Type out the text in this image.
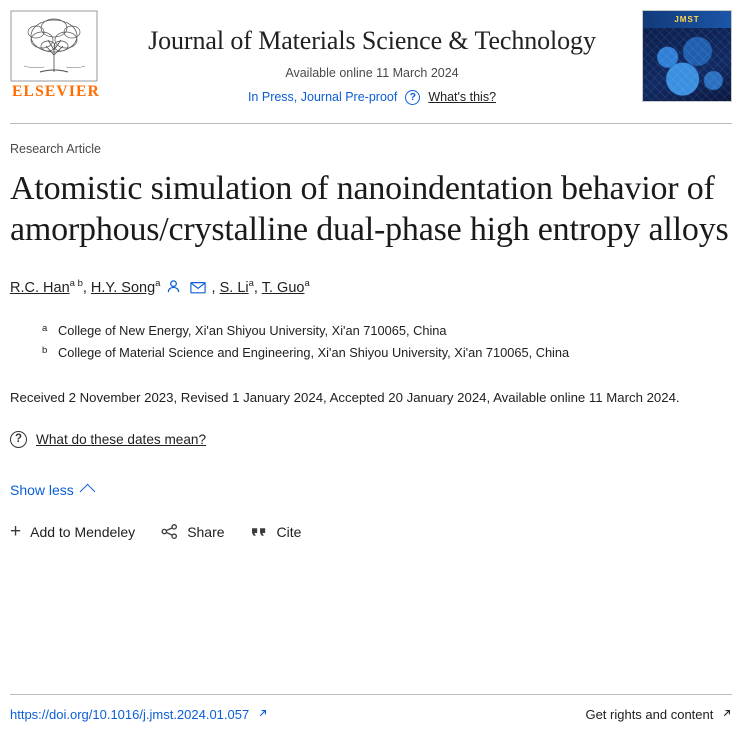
ELSEVIER
Journal of Materials Science & Technology
Available online 11 March 2024
In Press, Journal Pre-proof	? What's this?
JMST
Research Article
Atomistic simulation of nanoindentation behavior of amorphous/crystalline dual-phase high entropy alloys
R.C. Han$^{a b}$, H.Y. Song$^a$	, S. Li$^a$, T. Guo$^a$
a College of New Energy, Xi'an Shiyou University, Xi'an 710065, China
b College of Material Science and Engineering, Xi'an Shiyou University, Xi'an 710065, China
Received 2 November 2023, Revised 1 January 2024, Accepted 20 January 2024, Available online 11 March 2024.
?	What do these dates mean?
Show less
+ Add to Mendeley	Share	Cite
https://doi.org/10.1016/j.jmst.2024.01.057	Get rights and content
